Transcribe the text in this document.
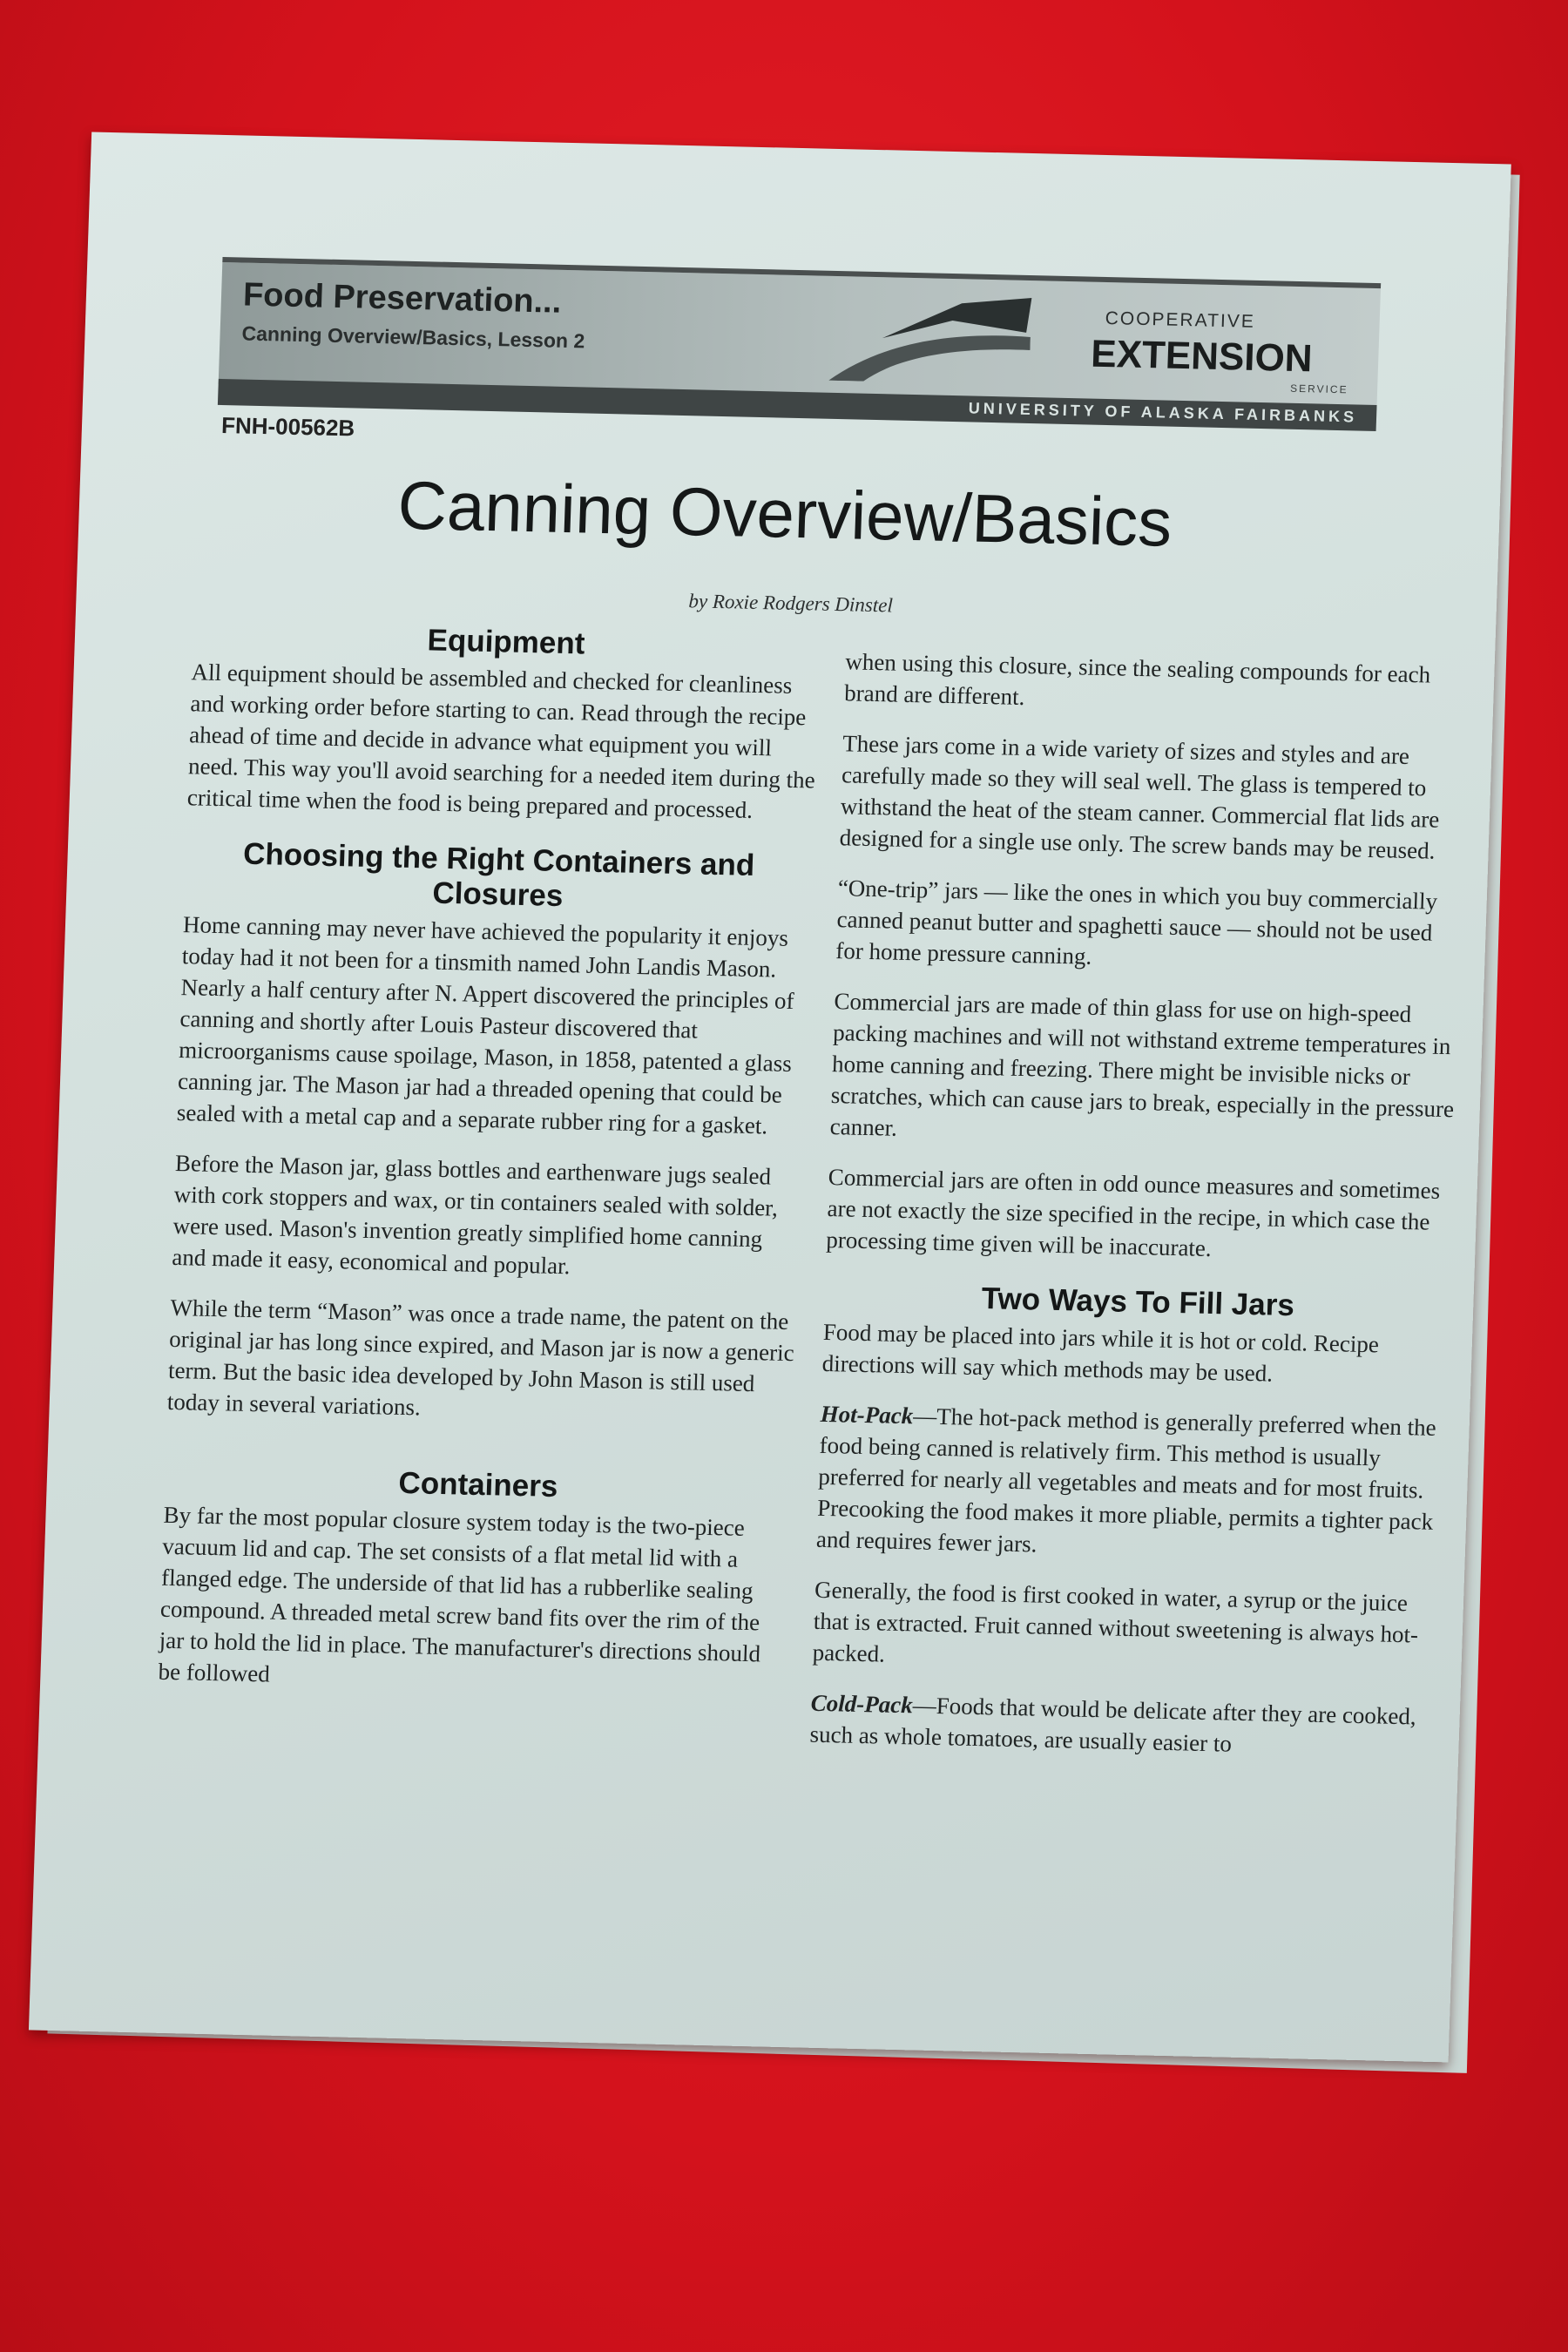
Food Preservation...
Canning Overview/Basics, Lesson 2
COOPERATIVE
EXTENSION
SERVICE
UNIVERSITY OF ALASKA FAIRBANKS
FNH-00562B
Canning Overview/Basics
by Roxie Rodgers Dinstel
Equipment

All equipment should be assembled and checked for cleanliness and working order before starting to can. Read through the recipe ahead of time and decide in advance what equipment you will need. This way you'll avoid searching for a needed item during the critical time when the food is being prepared and processed.

Choosing the Right Containers and Closures

Home canning may never have achieved the popularity it enjoys today had it not been for a tinsmith named John Landis Mason. Nearly a half century after N. Appert discovered the principles of canning and shortly after Louis Pasteur discovered that microorganisms cause spoilage, Mason, in 1858, patented a glass canning jar. The Mason jar had a threaded opening that could be sealed with a metal cap and a separate rubber ring for a gasket.

Before the Mason jar, glass bottles and earthenware jugs sealed with cork stoppers and wax, or tin containers sealed with solder, were used. Mason's invention greatly simplified home canning and made it easy, economical and popular.

While the term “Mason” was once a trade name, the patent on the original jar has long since expired, and Mason jar is now a generic term. But the basic idea developed by John Mason is still used today in several variations.

Containers

By far the most popular closure system today is the two-piece vacuum lid and cap. The set consists of a flat metal lid with a flanged edge. The underside of that lid has a rubberlike sealing compound. A threaded metal screw band fits over the rim of the jar to hold the lid in place. The manufacturer's directions should be followed

when using this closure, since the sealing compounds for each brand are different.

These jars come in a wide variety of sizes and styles and are carefully made so they will seal well. The glass is tempered to withstand the heat of the steam canner. Commercial flat lids are designed for a single use only. The screw bands may be reused.

“One-trip” jars — like the ones in which you buy commercially canned peanut butter and spaghetti sauce — should not be used for home pressure canning.

Commercial jars are made of thin glass for use on high-speed packing machines and will not withstand extreme temperatures in home canning and freezing. There might be invisible nicks or scratches, which can cause jars to break, especially in the pressure canner.

Commercial jars are often in odd ounce measures and sometimes are not exactly the size specified in the recipe, in which case the processing time given will be inaccurate.

Two Ways To Fill Jars

Food may be placed into jars while it is hot or cold. Recipe directions will say which methods may be used.

Hot-Pack—The hot-pack method is generally preferred when the food being canned is relatively firm. This method is usually preferred for nearly all vegetables and meats and for most fruits. Precooking the food makes it more pliable, permits a tighter pack and requires fewer jars.

Generally, the food is first cooked in water, a syrup or the juice that is extracted. Fruit canned without sweetening is always hot-packed.

Cold-Pack—Foods that would be delicate after they are cooked, such as whole tomatoes, are usually easier to
